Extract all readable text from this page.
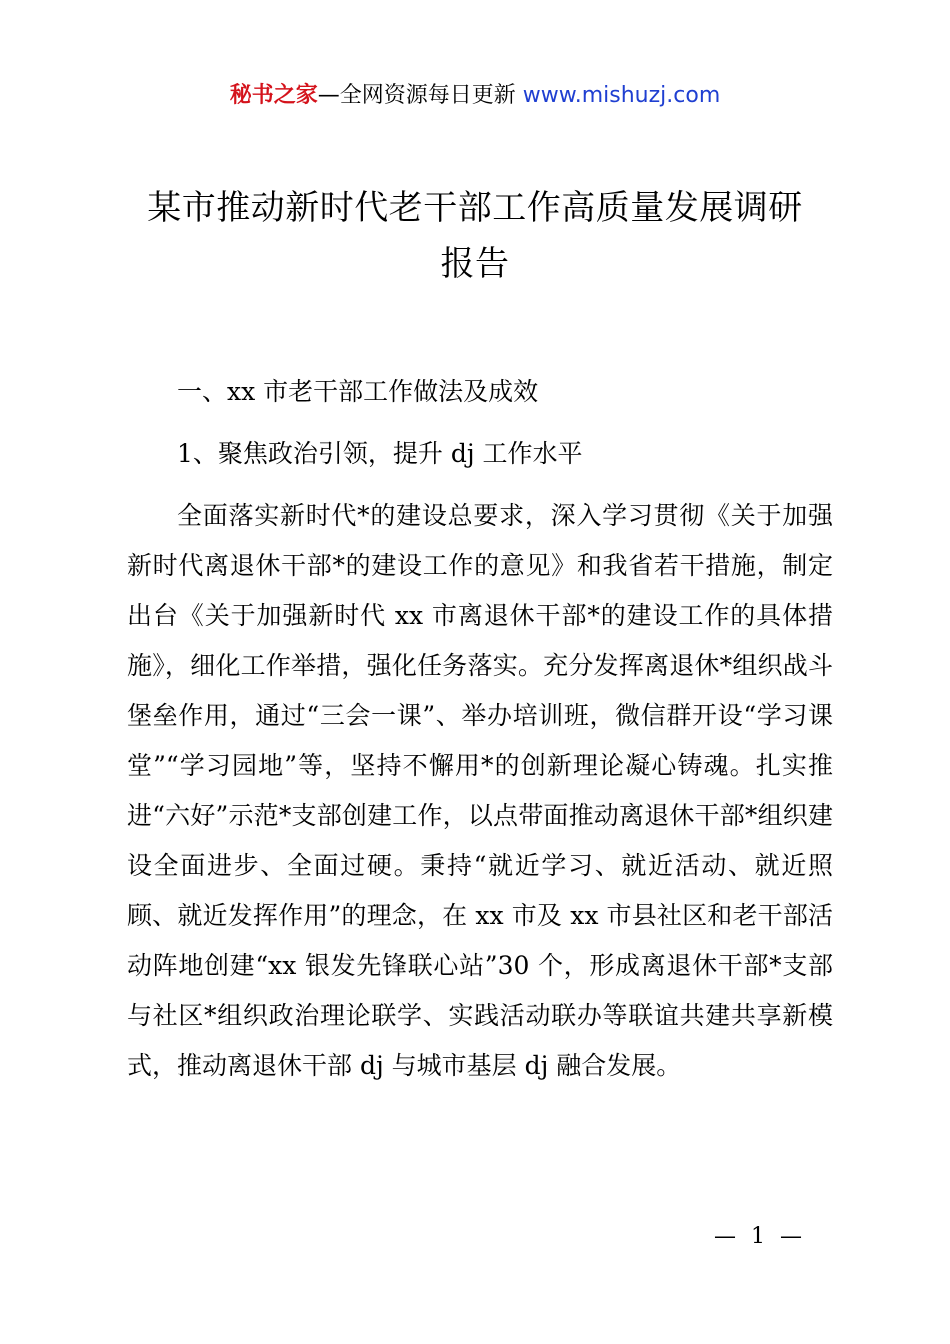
秘书之家—全网资源每日更新 www.mishuzj.com
某市推动新时代老干部工作高质量发展调研
报告

一、xx 市老干部工作做法及成效

1、聚焦政治引领，提升 dj 工作水平

全面落实新时代*的建设总要求，深入学习贯彻《关于加强新时代离退休干部*的建设工作的意见》和我省若干措施，制定出台《关于加强新时代 xx 市离退休干部*的建设工作的具体措施》，细化工作举措，强化任务落实。充分发挥离退休*组织战斗堡垒作用，通过“三会一课”、举办培训班，微信群开设“学习课堂”“学习园地”等，坚持不懈用*的创新理论凝心铸魂。扎实推进“六好”示范*支部创建工作，以点带面推动离退休干部*组织建设全面进步、全面过硬。秉持“就近学习、就近活动、就近照顾、就近发挥作用”的理念，在 xx 市及 xx 市县社区和老干部活动阵地创建“xx 银发先锋联心站”30 个，形成离退休干部*支部与社区*组织政治理论联学、实践活动联办等联谊共建共享新模式，推动离退休干部 dj 与城市基层 dj 融合发展。

— 1 —
